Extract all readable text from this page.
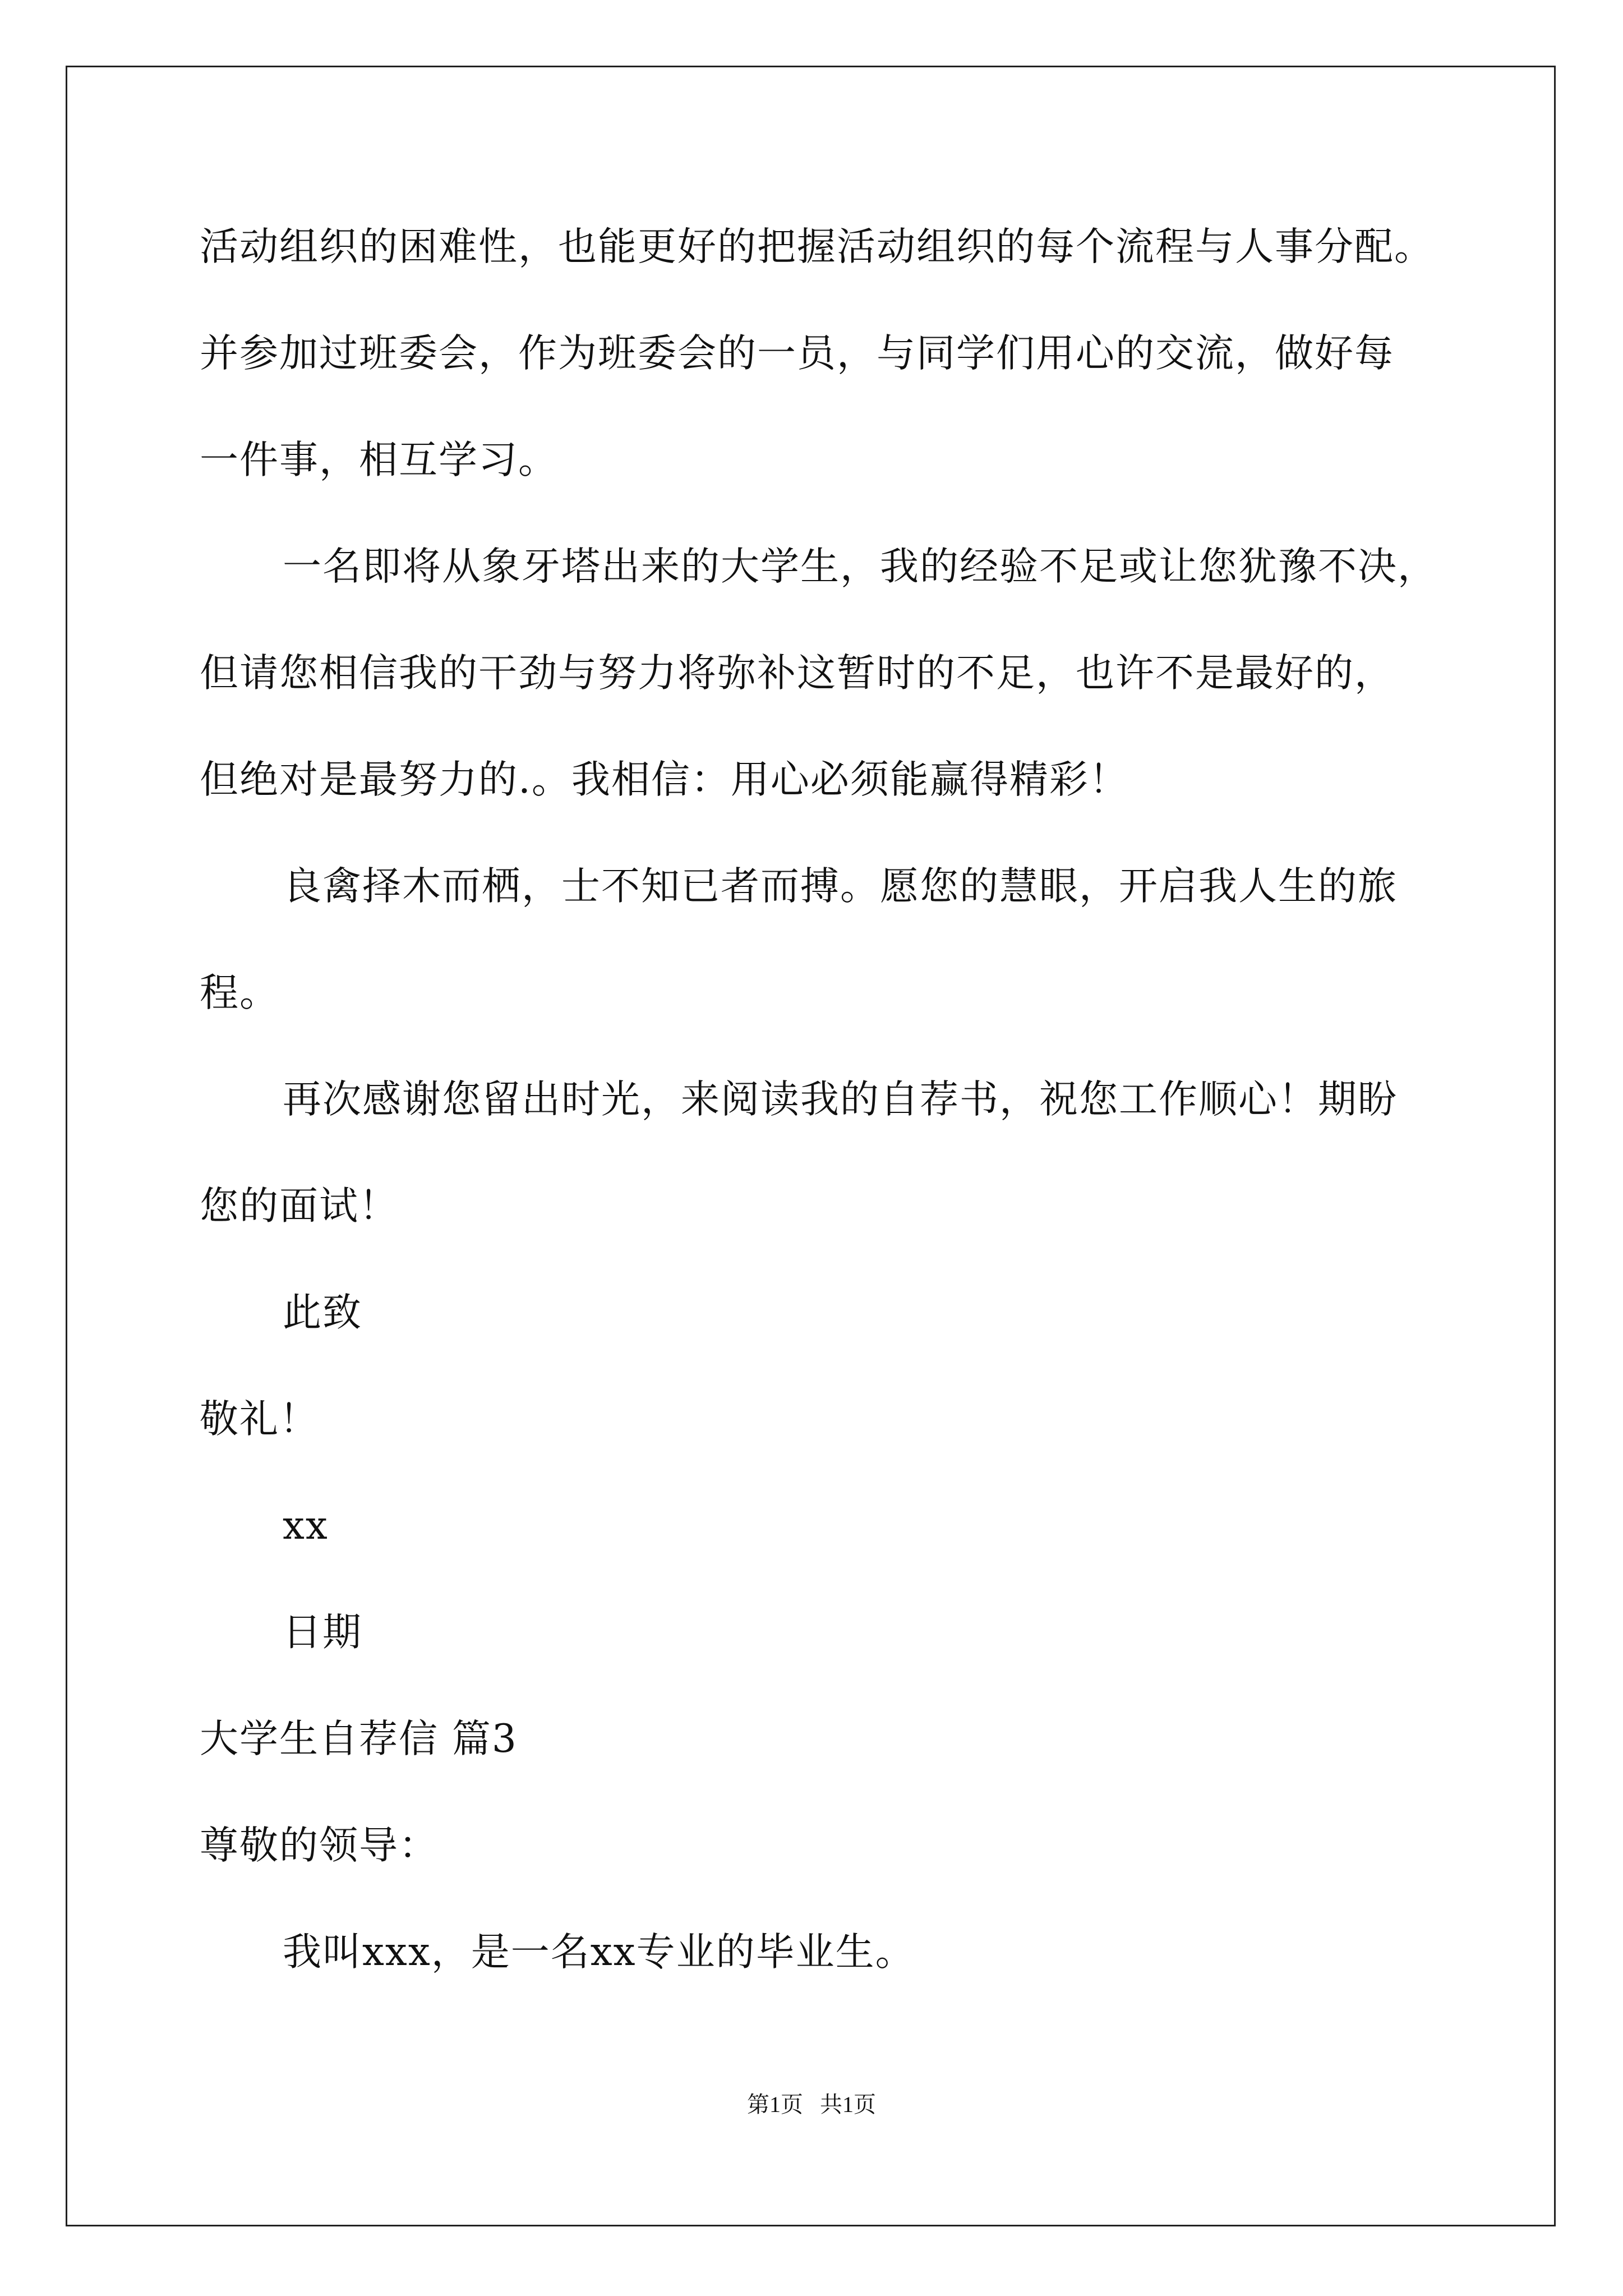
活动组织的困难性，也能更好的把握活动组织的每个流程与人事分配。
并参加过班委会，作为班委会的一员，与同学们用心的交流，做好每
一件事，相互学习。
一名即将从象牙塔出来的大学生，我的经验不足或让您犹豫不决，
但请您相信我的干劲与努力将弥补这暂时的不足，也许不是最好的，
但绝对是最努力的.。我相信：用心必须能赢得精彩！
良禽择木而栖，士不知已者而搏。愿您的慧眼，开启我人生的旅
程。
再次感谢您留出时光，来阅读我的自荐书，祝您工作顺心！期盼
您的面试！
此致
敬礼！
xx
日期
大学生自荐信 篇3
尊敬的领导：
我叫xxx，是一名xx专业的毕业生。
第1页 共1页
